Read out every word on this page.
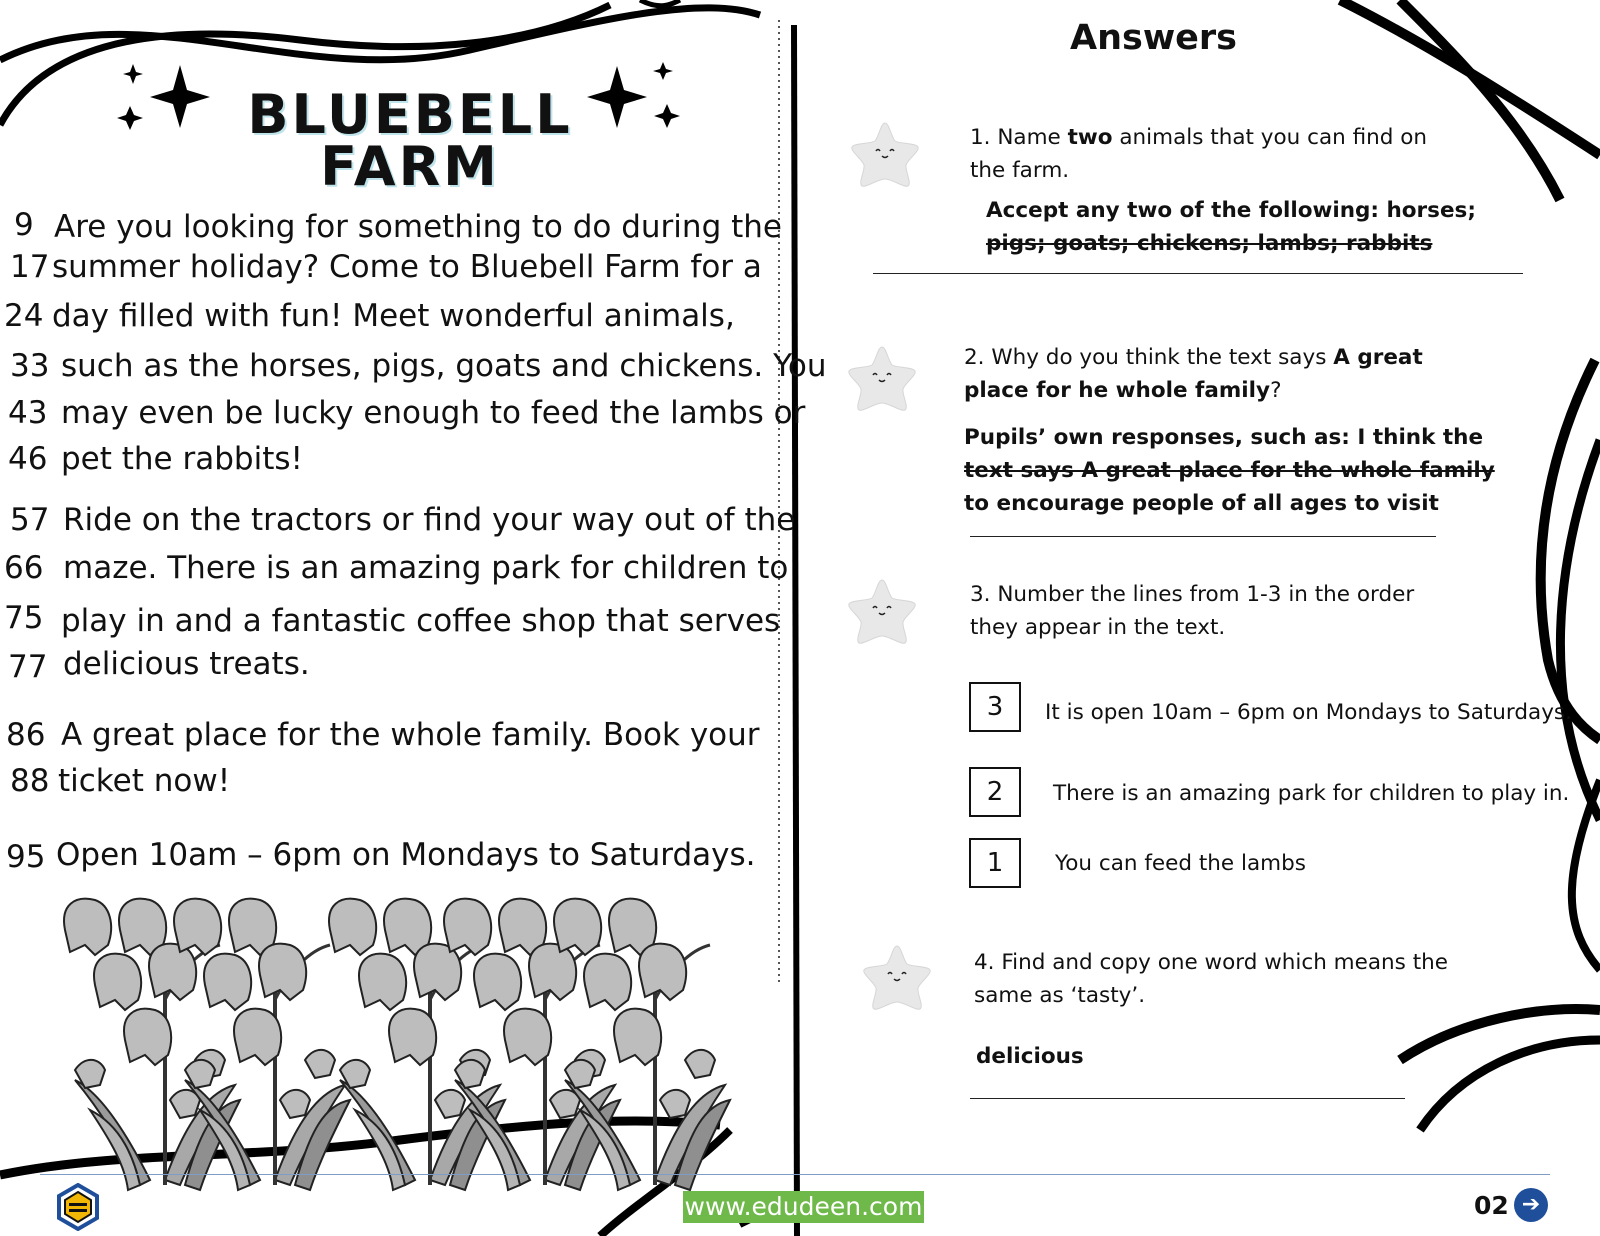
BLUEBELL
FARM
9 Are you looking for something to do during the
17 summer holiday? Come to Bluebell Farm for a
24 day filled with fun! Meet wonderful animals,
33 such as the horses, pigs, goats and chickens. You
43 may even be lucky enough to feed the lambs or
46 pet the rabbits!
57 Ride on the tractors or find your way out of the
66 maze. There is an amazing park for children to
75 play in and a fantastic coffee shop that serves
77 delicious treats.
86 A great place for the whole family. Book your
88 ticket now!
95 Open 10am – 6pm on Mondays to Saturdays.
Answers
1. Name two animals that you can find on the farm.
Accept any two of the following: horses;
pigs; goats; chickens; lambs; rabbits
2. Why do you think the text says A great place for he whole family?
Pupils’ own responses, such as: I think the
text says A great place for the whole family
to encourage people of all ages to visit
3. Number the lines from 1-3 in the order they appear in the text.
3	It is open 10am – 6pm on Mondays to Saturdays.
2	There is an amazing park for children to play in.
1	You can feed the lambs
4. Find and copy one word which means the same as ‘tasty’.
delicious
www.edudeen.com	02 ➔
